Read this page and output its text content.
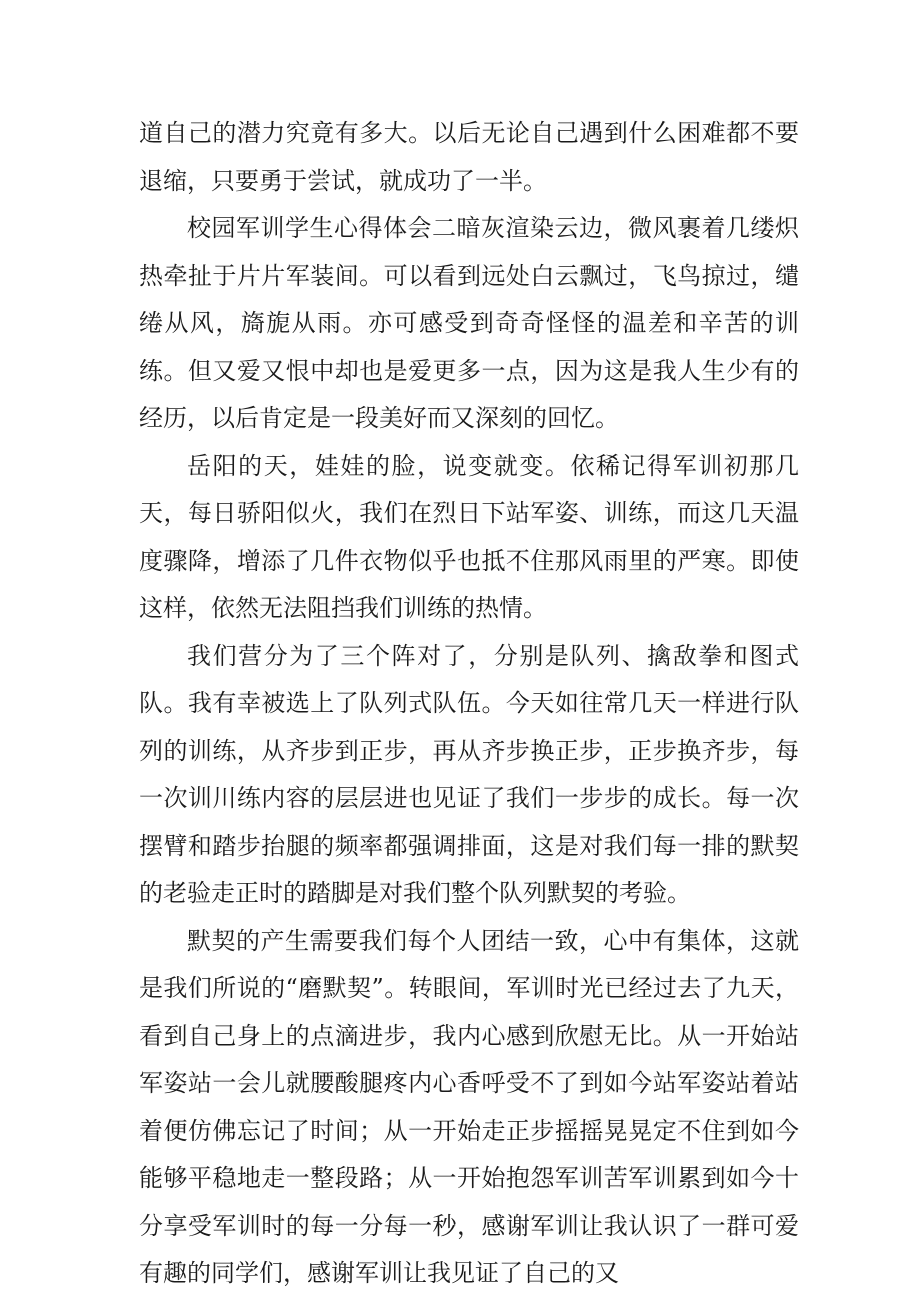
道自己的潜力究竟有多大。以后无论自己遇到什么困难都不要退缩，只要勇于尝试，就成功了一半。

校园军训学生心得体会二暗灰渲染云边，微风裹着几缕炽热牵扯于片片军装间。可以看到远处白云飘过，飞鸟掠过，缱绻从风，旖旎从雨。亦可感受到奇奇怪怪的温差和辛苦的训练。但又爱又恨中却也是爱更多一点，因为这是我人生少有的经历，以后肯定是一段美好而又深刻的回忆。

岳阳的天，娃娃的脸，说变就变。依稀记得军训初那几天，每日骄阳似火，我们在烈日下站军姿、训练，而这几天温度骤降，增添了几件衣物似乎也抵不住那风雨里的严寒。即使这样，依然无法阻挡我们训练的热情。

我们营分为了三个阵对了，分别是队列、擒敌拳和图式队。我有幸被选上了队列式队伍。今天如往常几天一样进行队列的训练，从齐步到正步，再从齐步换正步，正步换齐步，每一次训川练内容的层层进也见证了我们一步步的成长。每一次摆臂和踏步抬腿的频率都强调排面，这是对我们每一排的默契的老验走正时的踏脚是对我们整个队列默契的考验。

默契的产生需要我们每个人团结一致，心中有集体，这就是我们所说的“磨默契”。转眼间，军训时光已经过去了九天，看到自己身上的点滴进步，我内心感到欣慰无比。从一开始站军姿站一会儿就腰酸腿疼内心香呼受不了到如今站军姿站着站着便仿佛忘记了时间；从一开始走正步摇摇晃晃定不住到如今能够平稳地走一整段路；从一开始抱怨军训苦军训累到如今十分享受军训时的每一分每一秒，感谢军训让我认识了一群可爱有趣的同学们，感谢军训让我见证了自己的又
